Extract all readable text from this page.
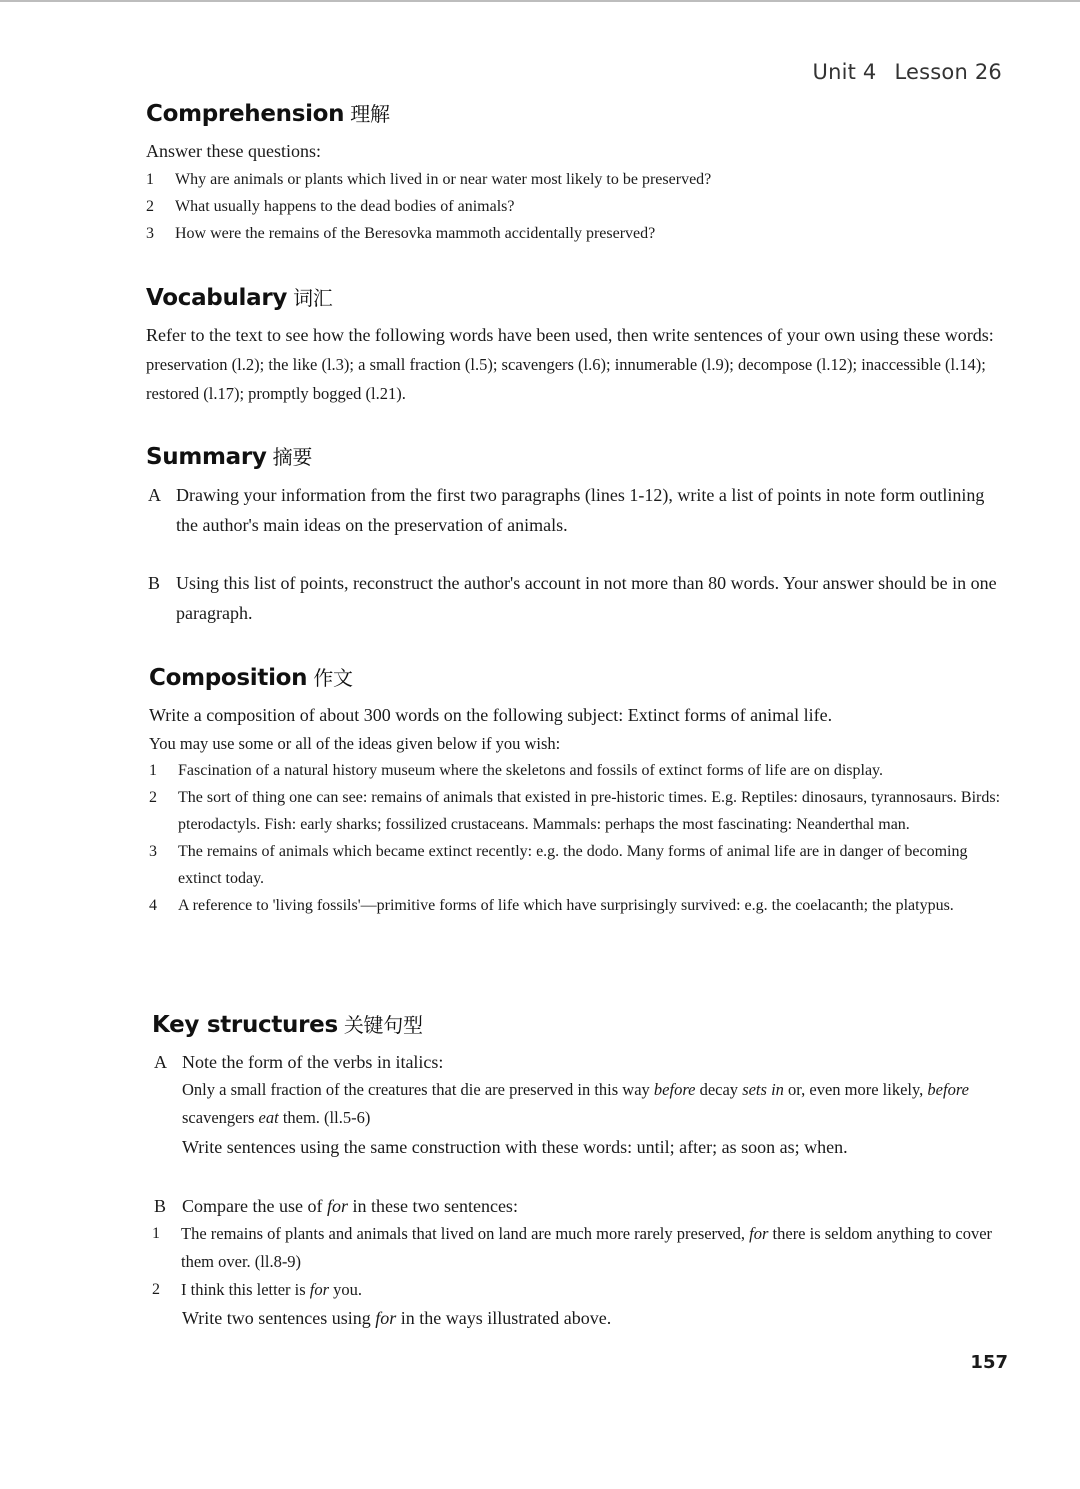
Unit 4 Lesson 26
Comprehension 理解

Answer these questions:

1	Why are animals or plants which lived in or near water most likely to be preserved?
2	What usually happens to the dead bodies of animals?
3	How were the remains of the Beresovka mammoth accidentally preserved?
Vocabulary 词汇

Refer to the text to see how the following words have been used, then write sentences of your own using these words: preservation (l.2); the like (l.3); a small fraction (l.5); scavengers (l.6); innumerable (l.9); decompose (l.12); inaccessible (l.14); restored (l.17); promptly bogged (l.21).

Summary 摘要

A Drawing your information from the first two paragraphs (lines 1-12), write a list of points in note form outlining the author's main ideas on the preservation of animals.

B Using this list of points, reconstruct the author's account in not more than 80 words. Your answer should be in one paragraph.

Composition 作文

Write a composition of about 300 words on the following subject: Extinct forms of animal life.

You may use some or all of the ideas given below if you wish:

1	Fascination of a natural history museum where the skeletons and fossils of extinct forms of life are on display.
2	The sort of thing one can see: remains of animals that existed in pre-historic times. E.g. Reptiles: dinosaurs, tyrannosaurs. Birds: pterodactyls. Fish: early sharks; fossilized crustaceans. Mammals: perhaps the most fascinating: Neanderthal man.
3	The remains of animals which became extinct recently: e.g. the dodo. Many forms of animal life are in danger of becoming extinct today.
4	A reference to 'living fossils'—primitive forms of life which have surprisingly survived: e.g. the coelacanth; the platypus.
Key structures 关键句型

A Note the form of the verbs in italics:

Only a small fraction of the creatures that die are preserved in this way before decay sets in or, even more likely, before scavengers eat them. (ll.5-6)

Write sentences using the same construction with these words: until; after; as soon as; when.

B Compare the use of for in these two sentences:

1	The remains of plants and animals that lived on land are much more rarely preserved, for there is seldom anything to cover them over. (ll.8-9)
2	I think this letter is for you.

Write two sentences using for in the ways illustrated above.

157
